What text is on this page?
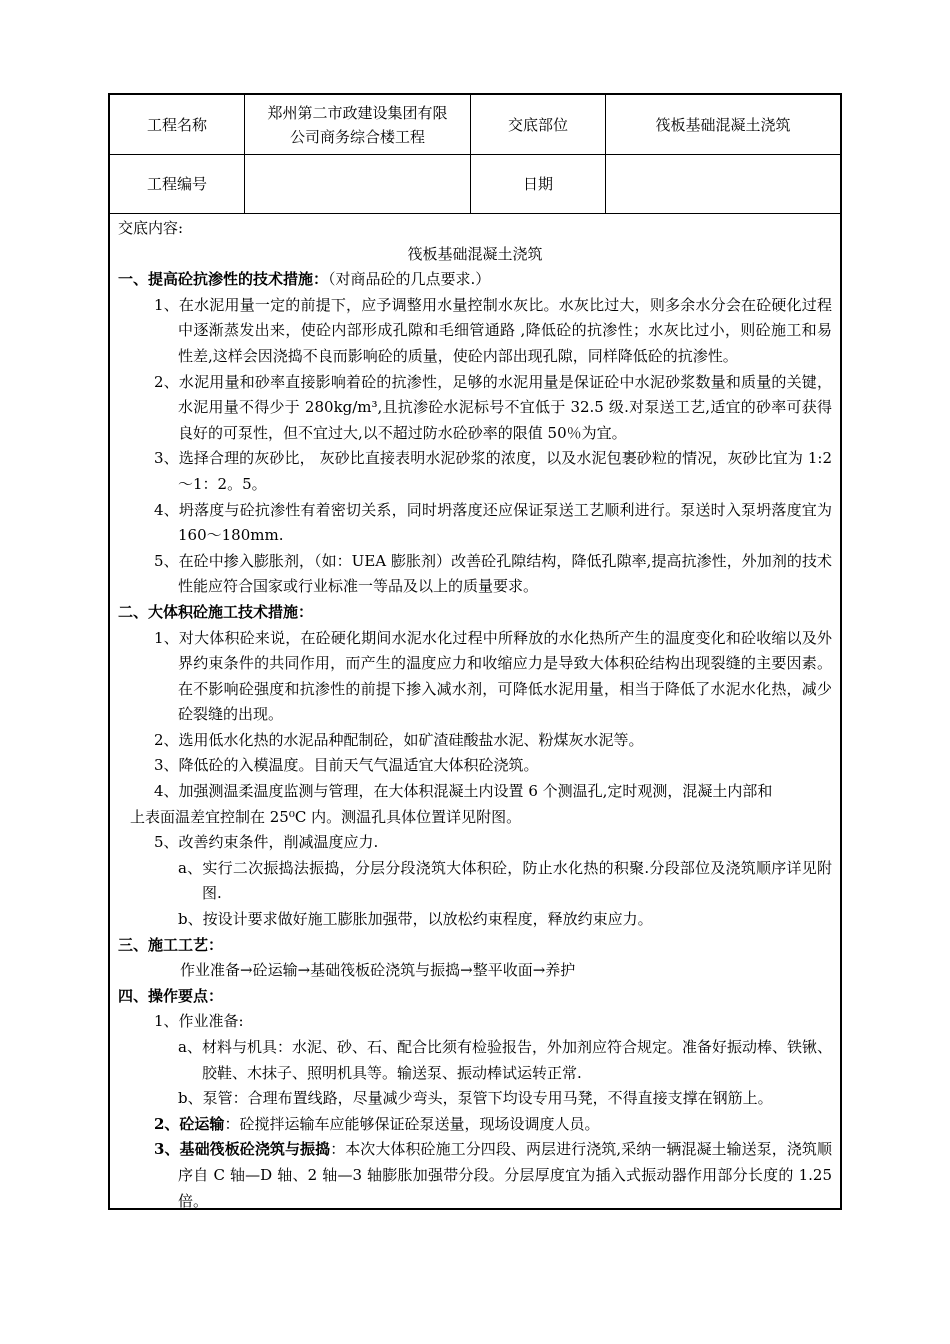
工程名称
郑州第二市政建设集团有限
公司商务综合楼工程
交底部位	筏板基础混凝土浇筑
工程编号	日期
交底内容:
筏板基础混凝土浇筑
一、提高砼抗渗性的技术措施：（对商品砼的几点要求.）
1、在水泥用量一定的前提下，应予调整用水量控制水灰比。水灰比过大，则多余水分会在砼硬化过程中逐渐蒸发出来，使砼内部形成孔隙和毛细管通路 ,降低砼的抗渗性；水灰比过小，则砼施工和易性差,这样会因浇捣不良而影响砼的质量，使砼内部出现孔隙，同样降低砼的抗渗性。
2、水泥用量和砂率直接影响着砼的抗渗性，足够的水泥用量是保证砼中水泥砂浆数量和质量的关键，水泥用量不得少于 280kg/m³,且抗渗砼水泥标号不宜低于 32.5 级.对泵送工艺,适宜的砂率可获得良好的可泵性，但不宜过大,以不超过防水砼砂率的限值 50％为宜。
3、选择合理的灰砂比， 灰砂比直接表明水泥砂浆的浓度，以及水泥包裹砂粒的情况，灰砂比宜为 1:2～1：2。5。
4、坍落度与砼抗渗性有着密切关系，同时坍落度还应保证泵送工艺顺利进行。泵送时入泵坍落度宜为 160～180mm.
5、在砼中掺入膨胀剂，（如：UEA 膨胀剂）改善砼孔隙结构，降低孔隙率,提高抗渗性，外加剂的技术性能应符合国家或行业标准一等品及以上的质量要求。
二、大体积砼施工技术措施：
1、对大体积砼来说，在砼硬化期间水泥水化过程中所释放的水化热所产生的温度变化和砼收缩以及外界约束条件的共同作用，而产生的温度应力和收缩应力是导致大体积砼结构出现裂缝的主要因素。在不影响砼强度和抗渗性的前提下掺入减水剂，可降低水泥用量，相当于降低了水泥水化热，减少砼裂缝的出现。
2、选用低水化热的水泥品种配制砼，如矿渣硅酸盐水泥、粉煤灰水泥等。
3、降低砼的入模温度。目前天气气温适宜大体积砼浇筑。
4、加强测温柔温度监测与管理，在大体积混凝土内设置 6 个测温孔,定时观测，混凝土内部和
上表面温差宜控制在 25⁰C 内。测温孔具体位置详见附图。
5、改善约束条件，削减温度应力.
a、实行二次振捣法振捣，分层分段浇筑大体积砼，防止水化热的积聚.分段部位及浇筑顺序详见附图.
b、按设计要求做好施工膨胀加强带，以放松约束程度，释放约束应力。
三、施工工艺：
作业准备→砼运输→基础筏板砼浇筑与振捣→整平收面→养护
四、操作要点：
1、作业准备:
a、材料与机具：水泥、砂、石、配合比须有检验报告，外加剂应符合规定。准备好振动棒、铁锹、胶鞋、木抹子、照明机具等。输送泵、振动棒试运转正常.
b、泵管：合理布置线路，尽量减少弯头，泵管下均设专用马凳，不得直接支撑在钢筋上。
2、砼运输：砼搅拌运输车应能够保证砼泵送量，现场设调度人员。
3、基础筏板砼浇筑与振捣：本次大体积砼施工分四段、两层进行浇筑,采纳一辆混凝土输送泵，浇筑顺序自 C 轴—D 轴、2 轴—3 轴膨胀加强带分段。分层厚度宜为插入式振动器作用部分长度的 1.25 倍。
